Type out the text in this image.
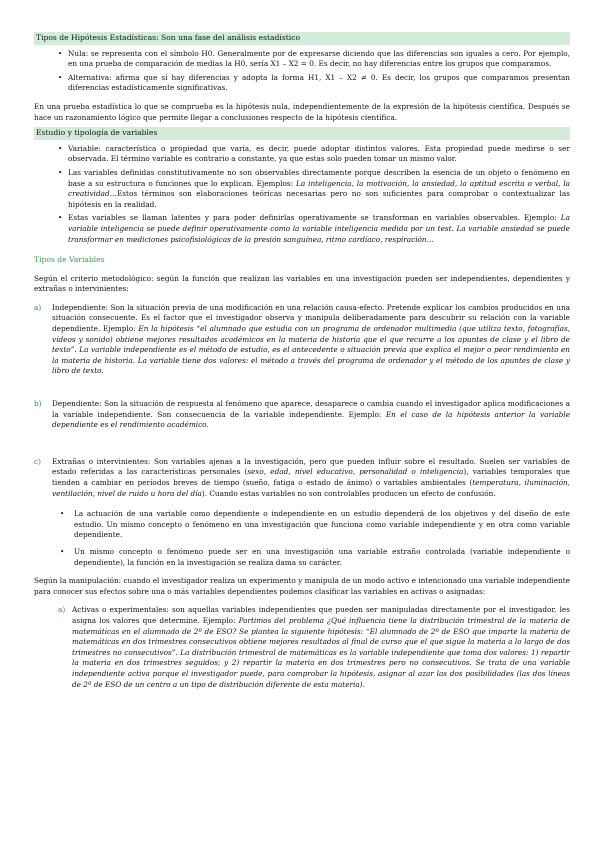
Tipos de Hipótesis Estadísticas: Son una fase del análisis estadístico
• Nula: se representa con el símbolo H0. Generalmente por de expresarse diciendo que las diferencias son iguales a cero. Por ejemplo, en una prueba de comparación de medias la H0, sería X1 – X2 = 0. Es decir, no hay diferencias entre los grupos que comparamos.
• Alternativa: afirma que sí hay diferencias y adopta la forma H1, X1 – X2 ≠ 0. Es decir, los grupos que comparamos presentan diferencias estadísticamente significativas.

En una prueba estadística lo que se comprueba es la hipótesis nula, independientemente de la expresión de la hipótesis científica. Después se hace un razonamiento lógico que permite llegar a conclusiones respecto de la hipótesis científica.

Estudio y tipología de variables
• Variable: característica o propiedad que varía, es decir, puede adoptar distintos valores. Esta propiedad puede medirse o ser observada. El término variable es contrario a constante, ya que estas solo pueden tomar un mismo valor.
• Las variables definidas constitutivamente no son observables directamente porque describen la esencia de un objeto o fenómeno en base a su estructura o funciones que lo explican. Ejemplos: La inteligencia, la motivación, la ansiedad, la aptitud escrita o verbal, la creatividad…Estos términos son elaboraciones teóricas necesarias pero no son suficientes para comprobar o contextualizar las hipótesis en la realidad.
• Estas variables se llaman latentes y para poder definirlas operativamente se transforman en variables observables. Ejemplo: La variable inteligencia se puede definir operativamente como la variable inteligencia medida por un test. La variable ansiedad se puede transformar en mediciones psicofisiológicas de la presión sanguínea, ritmo cardíaco, respiración…
Tipos de Variables

Según el criterio metodológico: según la función que realizan las variables en una investigación pueden ser independientes, dependientes y extrañas o intervinientes:

a) Independiente: Son la situación previa de una modificación en una relación causa-efecto. Pretende explicar los cambios producidos en una situación consecuente. Es el factor que el investigador observa y manipula deliberadamente para descubrir su relación con la variable dependiente. Ejemplo: En la hipótesis “el alumnado que estudia con un programa de ordenador multimedia (que utiliza texto, fotografías, vídeos y sonido) obtiene mejores resultados académicos en la materia de historia que el que recurre a los apuntes de clase y el libro de texto”. La variable independiente es el método de estudio, es el antecedente o situación previa que explica el mejor o peor rendimiento en la materia de historia. La variable tiene dos valores: el método a través del programa de ordenador y el método de los apuntes de clase y libro de texto.
b) Dependiente: Son la situación de respuesta al fenómeno que aparece, desaparece o cambia cuando el investigador aplica modificaciones a la variable independiente. Son consecuencia de la variable independiente. Ejemplo: En el caso de la hipótesis anterior la variable dependiente es el rendimiento académico.
c) Extrañas o intervinientes: Son variables ajenas a la investigación, pero que pueden influir sobre el resultado. Suelen ser variables de estado referidas a las características personales (sexo, edad, nivel educativo, personalidad o inteligencia), variables temporales que tienden a cambiar en períodos breves de tiempo (sueño, fatiga o estado de ánimo) o variables ambientales (temperatura, iluminación, ventilación, nivel de ruido u hora del día). Cuando estas variables no son controlables producen un efecto de confusión.
• La actuación de una variable como dependiente o independiente en un estudio dependerá de los objetivos y del diseño de este estudio. Un mismo concepto o fenómeno en una investigación que funciona como variable independiente y en otra como variable dependiente.
• Un mismo concepto o fenómeno puede ser en una investigación una variable extraño controlada (variable independiente o dependiente), la función en la investigación se realiza dama su carácter.

Según la manipulación: cuando el investigador realiza un experimento y manipula de un modo activo e intencionado una variable independiente para conocer sus efectos sobre una o más variables dependientes podemos clasificar las variables en activas o asignadas:

a) Activas o experimentales: son aquellas variables independientes que pueden ser manipuladas directamente por el investigador, les asigna los valores que determine. Ejemplo: Partimos del problema ¿Qué influencia tiene la distribución trimestral de la materia de matemáticas en el alumnado de 2º de ESO? Se plantea la siguiente hipótesis: “El alumnado de 2º de ESO que imparte la materia de matemáticas en dos trimestres consecutivos obtiene mejores resultados al final de curso que el que sigue la materia a lo largo de dos trimestres no consecutivos”. La distribución trimestral de matemáticas es la variable independiente que toma dos valores: 1) repartir la materia en dos trimestres seguidos; y 2) repartir la materia en dos trimestres pero no consecutivos. Se trata de una variable independiente activa porque el investigador puede, para comprobar la hipótesis, asignar al azar las dos posibilidades (las dos líneas de 2º de ESO de un centro a un tipo de distribución diferente de esta materia).
